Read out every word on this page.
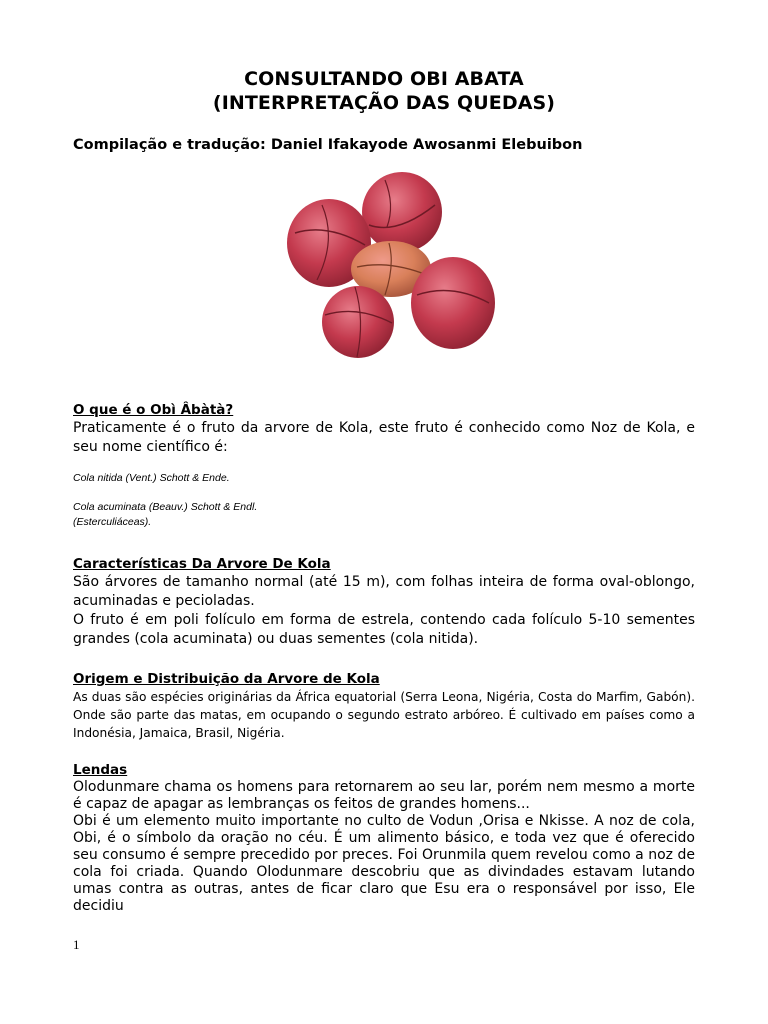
CONSULTANDO OBI ABATA
(INTERPRETAÇÃO DAS QUEDAS)
Compilação e tradução: Daniel Ifakayode Awosanmi Elebuibon
O que é o Obì Âbàtà?

Praticamente é o fruto da arvore de Kola, este fruto é conhecido como Noz de Kola, e seu nome científico é:

Cola nitida (Vent.) Schott & Ende.

Cola acuminata (Beauv.) Schott & Endl.

(Esterculiáceas).

Características Da Arvore De Kola

São árvores de tamanho normal (até 15 m), com folhas inteira de forma oval-oblongo, acuminadas e pecioladas.

O fruto é em poli folículo em forma de estrela, contendo cada folículo 5-10 sementes grandes (cola acuminata) ou duas sementes (cola nitida).

Origem e Distribuição da Arvore de Kola

As duas são espécies originárias da África equatorial (Serra Leona, Nigéria, Costa do Marfim, Gabón). Onde são parte das matas, em ocupando o segundo estrato arbóreo. É cultivado em países como a Indonésia, Jamaica, Brasil, Nigéria.

Lendas

Olodunmare chama os homens para retornarem ao seu lar, porém nem mesmo a morte é capaz de apagar as lembranças os feitos de grandes homens...

Obi é um elemento muito importante no culto de Vodun ,Orisa e Nkisse. A noz de cola, Obi, é o símbolo da oração no céu. É um alimento básico, e toda vez que é oferecido seu consumo é sempre precedido por preces. Foi Orunmila quem revelou como a noz de cola foi criada. Quando Olodunmare descobriu que as divindades estavam lutando umas contra as outras, antes de ficar claro que Esu era o responsável por isso, Ele decidiu

1
